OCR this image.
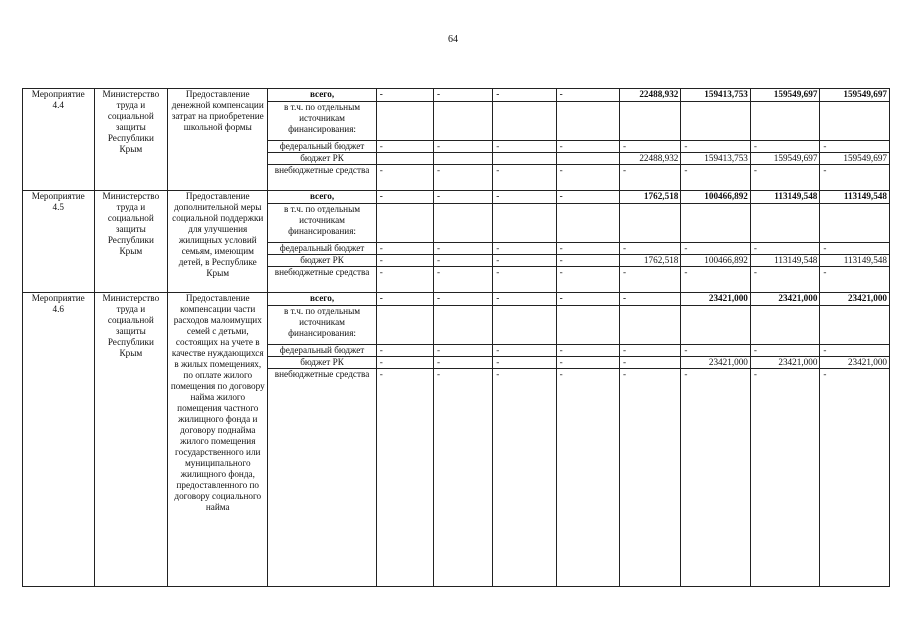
64
Мероприятие 4.4	Министерство труда и социальной защиты Республики Крым	Предоставление денежной компенсации затрат на приобретение школьной формы	всего,	-	-	-	-	22488,932	159413,753	159549,697	159549,697
			в т.ч. по отдельным источникам финансирования:								
			федеральный бюджет	-	-	-	-	-	-	-	-
			бюджет РК					22488,932	159413,753	159549,697	159549,697
			внебюджетные средства	-	-	-	-	-	-	-	-
Мероприятие 4.5	Министерство труда и социальной защиты Республики Крым	Предоставление дополнительной меры социальной поддержки для улучшения жилищных условий семьям, имеющим детей, в Республике Крым	всего,	-	-	-	-	1762,518	100466,892	113149,548	113149,548
			в т.ч. по отдельным источникам финансирования:								
			федеральный бюджет	-	-	-	-	-	-	-	-
			бюджет РК	-	-	-	-	1762,518	100466,892	113149,548	113149,548
			внебюджетные средства	-	-	-	-	-	-	-	-
Мероприятие 4.6	Министерство труда и социальной защиты Республики Крым	Предоставление компенсации части расходов малоимущих семей с детьми, состоящих на учете в качестве нуждающихся в жилых помещениях, по оплате жилого помещения по договору найма жилого помещения частного жилищного фонда и договору поднайма жилого помещения государственного или муниципального жилищного фонда, предоставленного по договору социального найма	всего,	-	-	-	-	-	23421,000	23421,000	23421,000
			в т.ч. по отдельным источникам финансирования:								
			федеральный бюджет	-	-	-	-	-	-	-	-
			бюджет РК	-	-	-	-	-	23421,000	23421,000	23421,000
			внебюджетные средства	-	-	-	-	-	-	-	-
